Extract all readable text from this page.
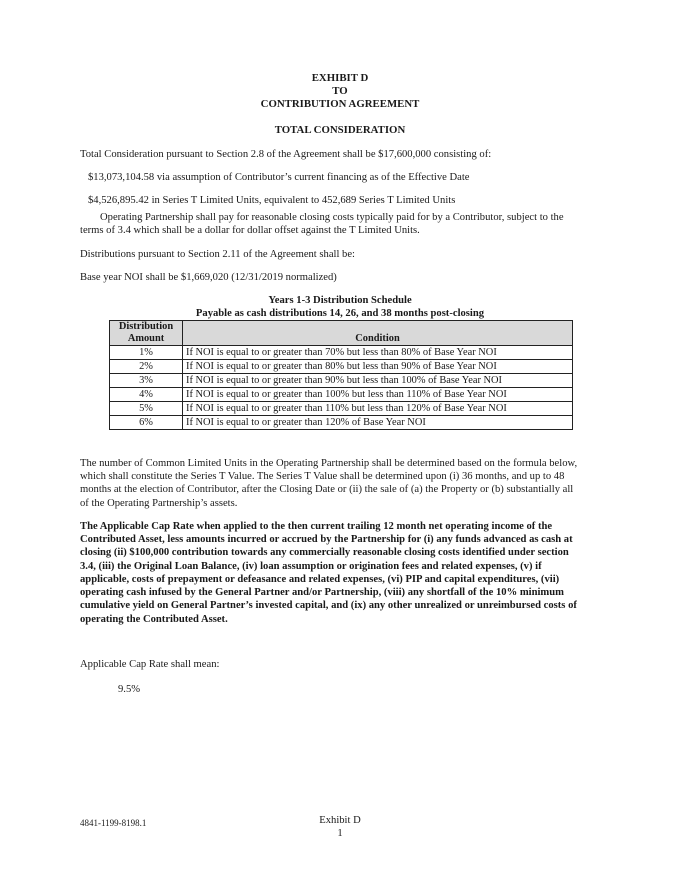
EXHIBIT D
TO
CONTRIBUTION AGREEMENT
TOTAL CONSIDERATION
Total Consideration pursuant to Section 2.8 of the Agreement shall be $17,600,000 consisting of:
$13,073,104.58 via assumption of Contributor’s current financing as of the Effective Date
$4,526,895.42 in Series T Limited Units, equivalent to 452,689 Series T Limited Units
Operating Partnership shall pay for reasonable closing costs typically paid for by a Contributor, subject to the
terms of 3.4 which shall be a dollar for dollar offset against the T Limited Units.
Distributions pursuant to Section 2.11 of the Agreement shall be:
Base year NOI shall be $1,669,020 (12/31/2019 normalized)
Years 1-3 Distribution Schedule
Payable as cash distributions 14, 26, and 38 months post-closing
Distribution
Amount	Condition
1%	If NOI is equal to or greater than 70% but less than 80% of Base Year NOI
2%	If NOI is equal to or greater than 80% but less than 90% of Base Year NOI
3%	If NOI is equal to or greater than 90% but less than 100% of Base Year NOI
4%	If NOI is equal to or greater than 100% but less than 110% of Base Year NOI
5%	If NOI is equal to or greater than 110% but less than 120% of Base Year NOI
6%	If NOI is equal to or greater than 120% of Base Year NOI
The number of Common Limited Units in the Operating Partnership shall be determined based on the formula below,
which shall constitute the Series T Value. The Series T Value shall be determined upon (i) 36 months, and up to 48
months at the election of Contributor, after the Closing Date or (ii) the sale of (a) the Property or (b) substantially all
of the Operating Partnership’s assets.
The Applicable Cap Rate when applied to the then current trailing 12 month net operating income of the
Contributed Asset, less amounts incurred or accrued by the Partnership for (i) any funds advanced as cash at
closing (ii) $100,000 contribution towards any commercially reasonable closing costs identified under section
3.4, (iii) the Original Loan Balance, (iv) loan assumption or origination fees and related expenses, (v) if
applicable, costs of prepayment or defeasance and related expenses, (vi) PIP and capital expenditures, (vii)
operating cash infused by the General Partner and/or Partnership, (viii) any shortfall of the 10% minimum
cumulative yield on General Partner’s invested capital, and (ix) any other unrealized or unreimbursed costs of
operating the Contributed Asset.
Applicable Cap Rate shall mean:
9.5%
4841-1199-8198.1	Exhibit D
1
